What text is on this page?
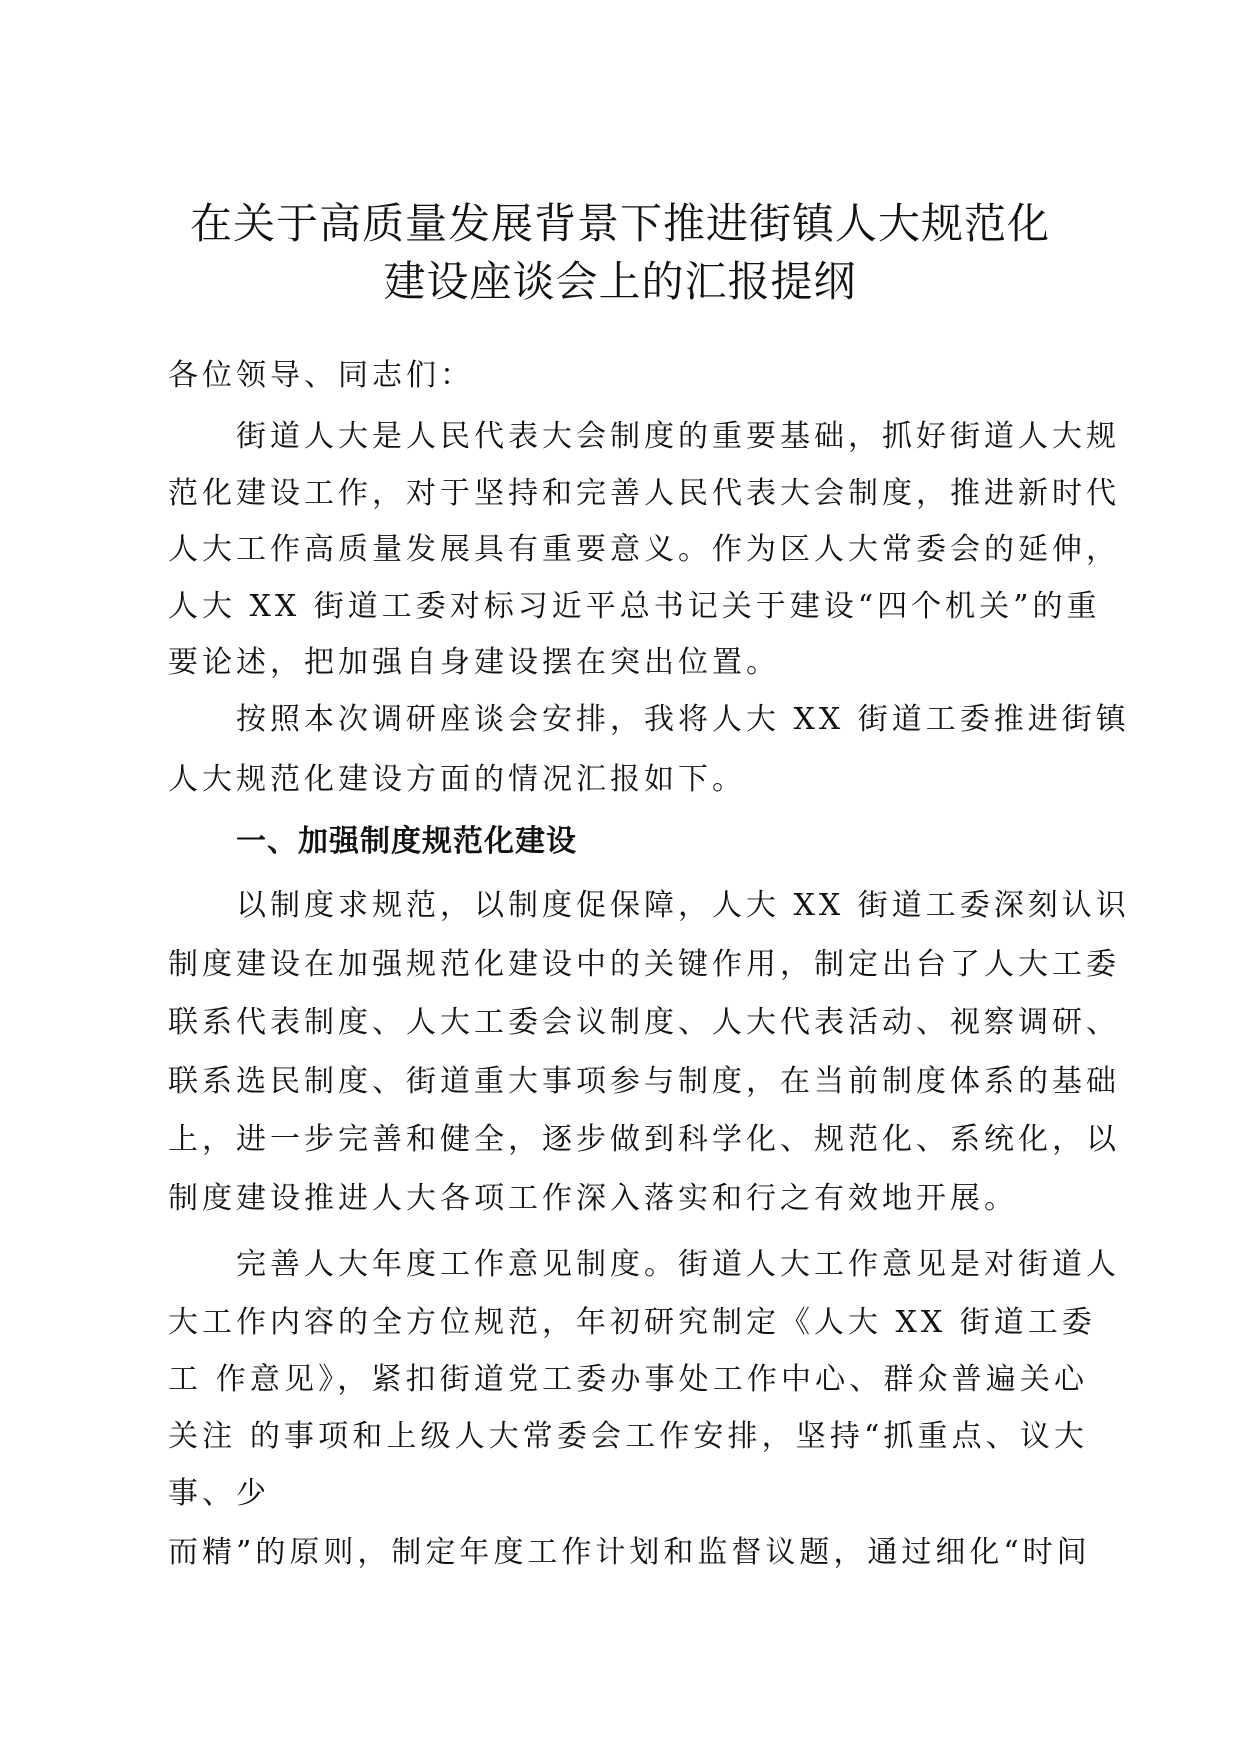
在关于高质量发展背景下推进街镇人大规范化
建设座谈会上的汇报提纲
各位领导、同志们：
街道人大是人民代表大会制度的重要基础，抓好街道人大规
范化建设工作，对于坚持和完善人民代表大会制度，推进新时代
人大工作高质量发展具有重要意义。作为区人大常委会的延伸，
人大 XX 街道工委对标习近平总书记关于建设“四个机关”的重
要论述，把加强自身建设摆在突出位置。
按照本次调研座谈会安排，我将人大 XX 街道工委推进街镇
人大规范化建设方面的情况汇报如下。
一、加强制度规范化建设
以制度求规范，以制度促保障，人大 XX 街道工委深刻认识
制度建设在加强规范化建设中的关键作用，制定出台了人大工委
联系代表制度、人大工委会议制度、人大代表活动、视察调研、
联系选民制度、街道重大事项参与制度，在当前制度体系的基础
上，进一步完善和健全，逐步做到科学化、规范化、系统化，以
制度建设推进人大各项工作深入落实和行之有效地开展。
完善人大年度工作意见制度。街道人大工作意见是对街道人
大工作内容的全方位规范，年初研究制定《人大 XX 街道工委
工 作意见》，紧扣街道党工委办事处工作中心、群众普遍关心
关注 的事项和上级人大常委会工作安排，坚持“抓重点、议大
事、少
而精”的原则，制定年度工作计划和监督议题，通过细化“时间
